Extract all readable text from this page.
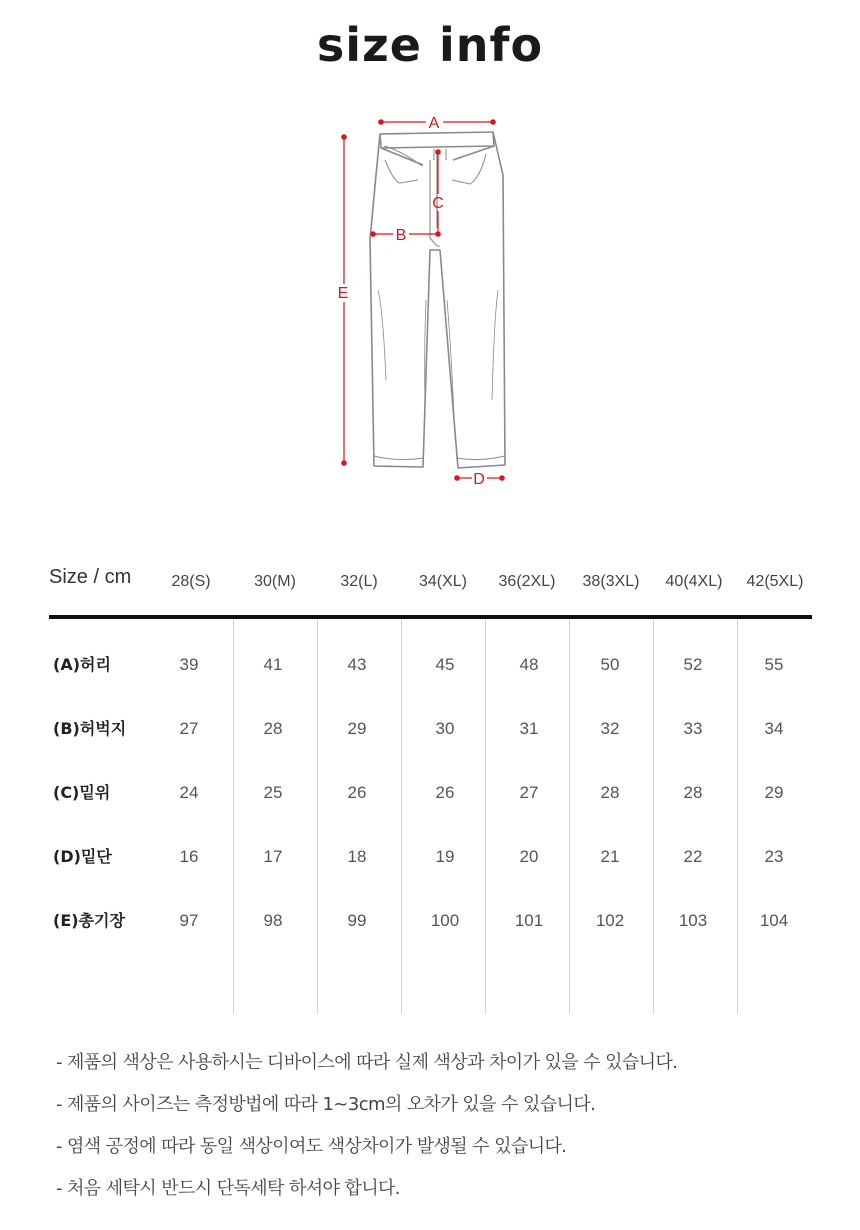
size info
A
B
C
E
D
Size / cm	28(S)	30(M)	32(L)	34(XL)	36(2XL)	38(3XL)	40(4XL)	42(5XL)
(A)허리	39	41	43	45	48	50	52	55
(B)허벅지	27	28	29	30	31	32	33	34
(C)밑위	24	25	26	26	27	28	28	29
(D)밑단	16	17	18	19	20	21	22	23
(E)총기장	97	98	99	100	101	102	103	104
- 제품의 색상은 사용하시는 디바이스에 따라 실제 색상과 차이가 있을 수 있습니다.
- 제품의 사이즈는 측정방법에 따라 1~3cm의 오차가 있을 수 있습니다.
- 염색 공정에 따라 동일 색상이여도 색상차이가 발생될 수 있습니다.
- 처음 세탁시 반드시 단독세탁 하셔야 합니다.
